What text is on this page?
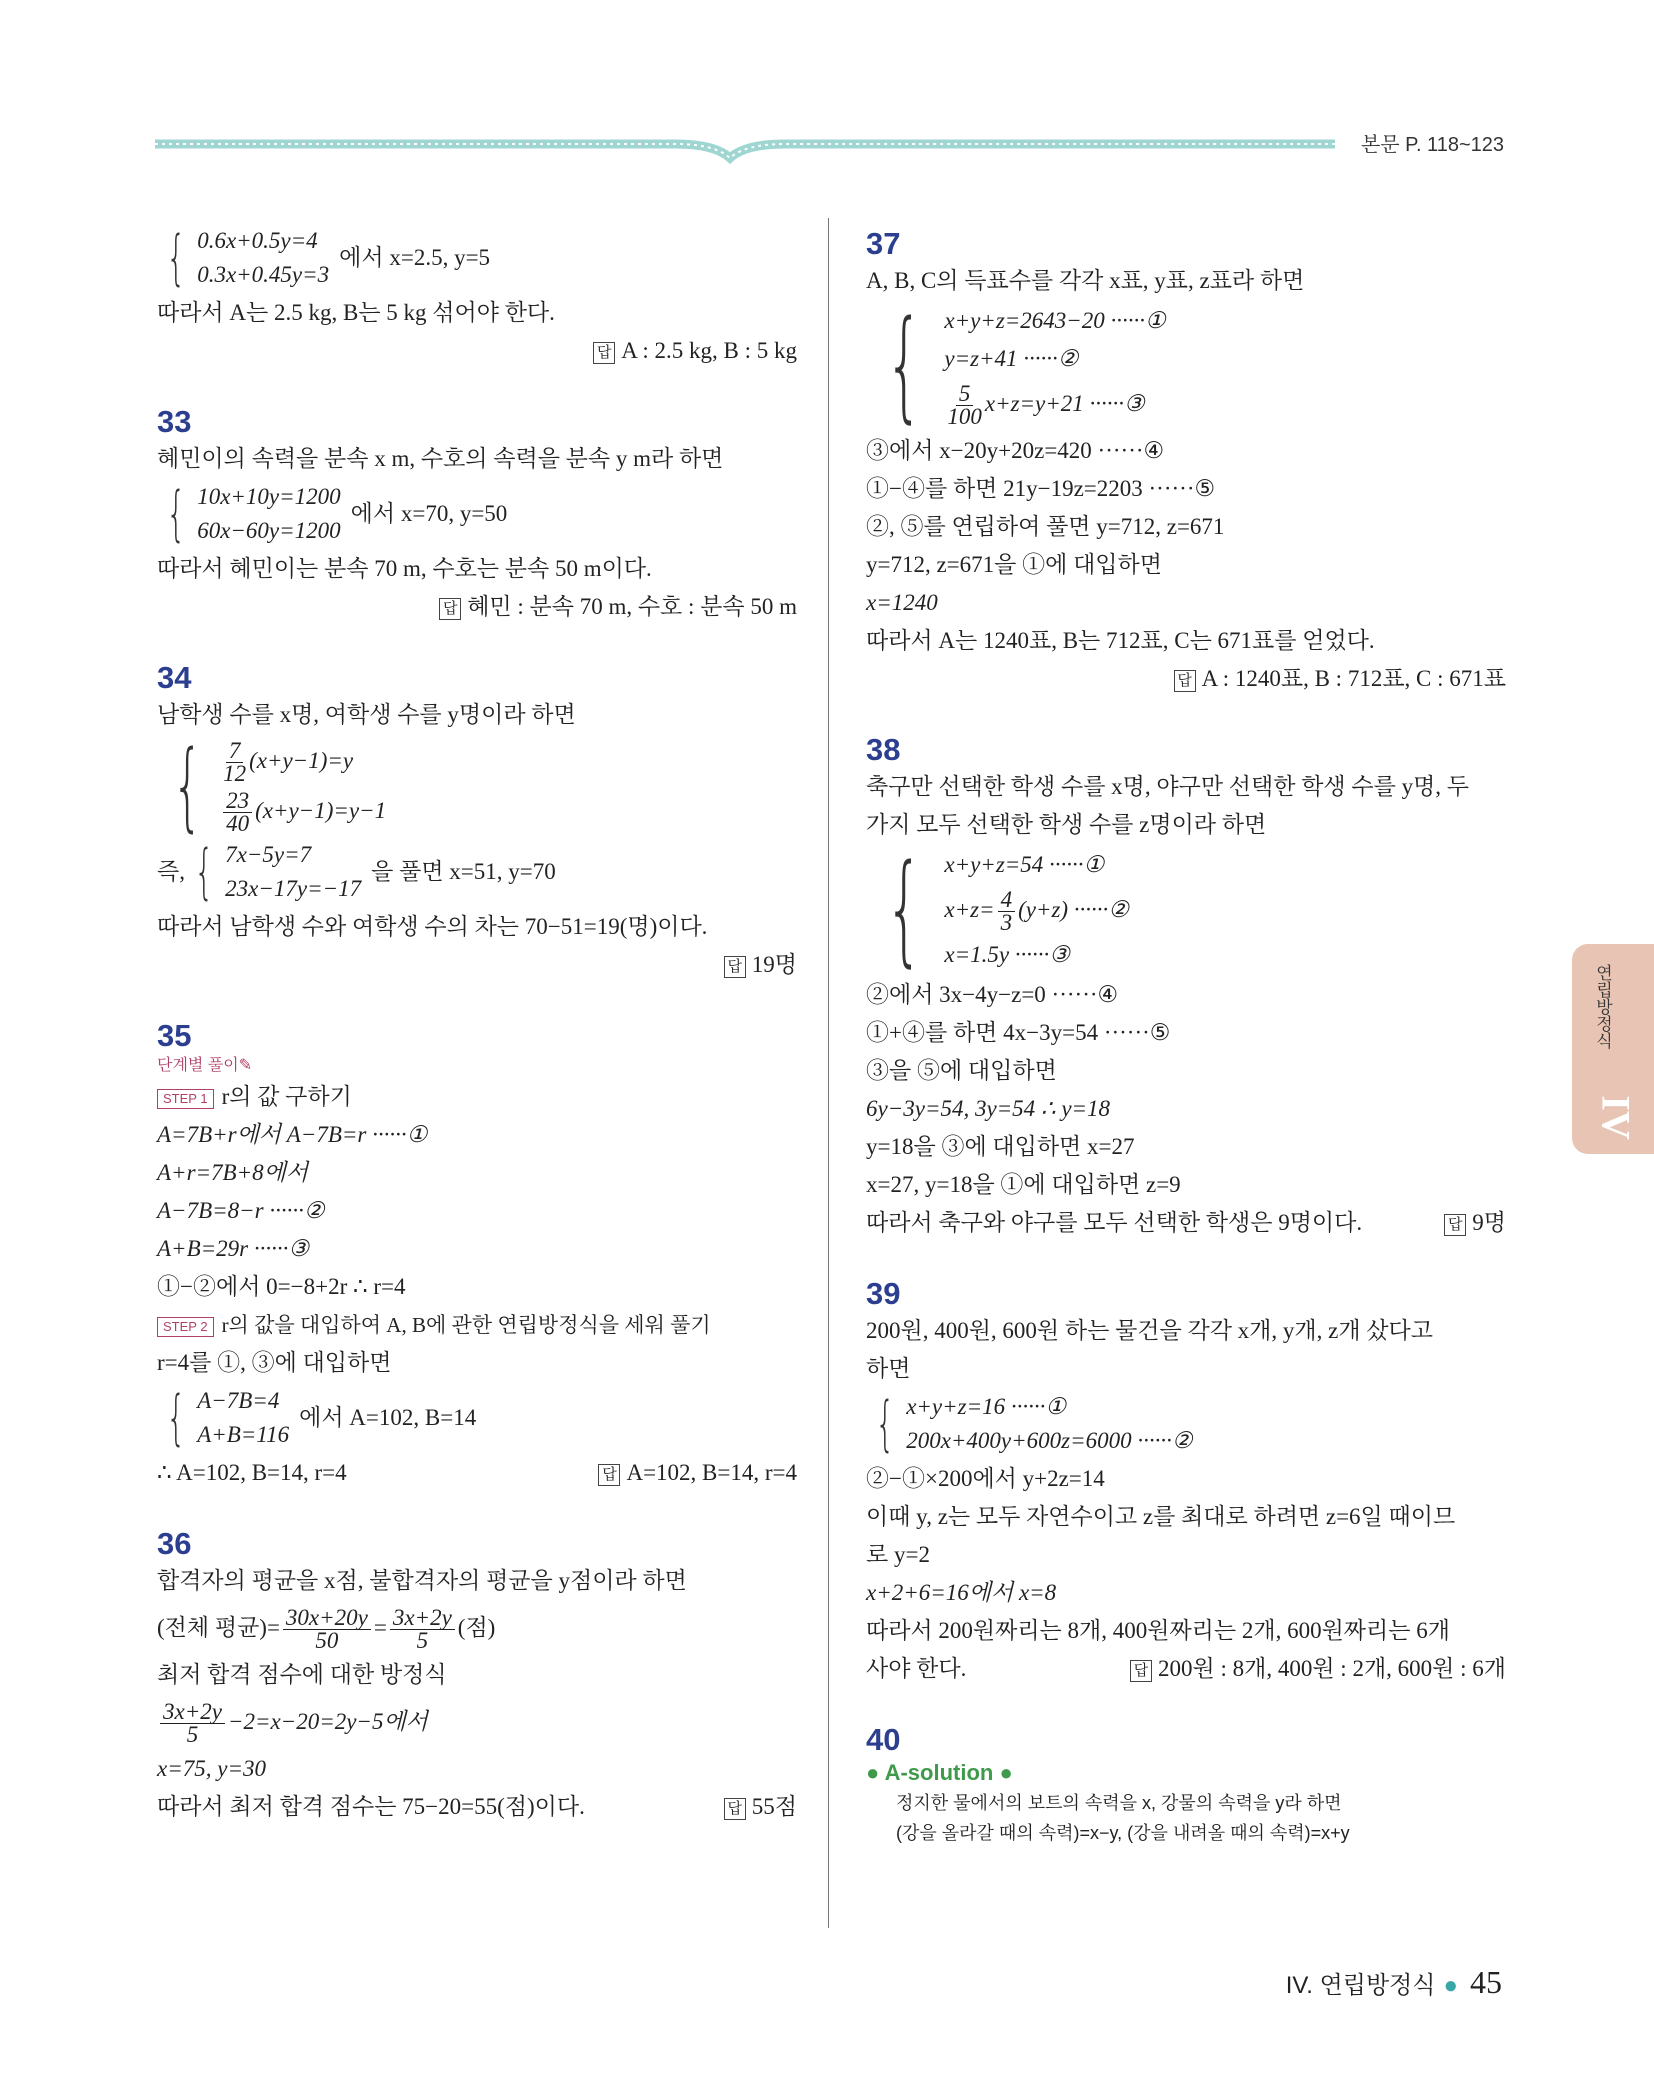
본문 P. 118~123
연립방정식
IV
{ 0.6x+0.5y=4
0.3x+0.45y=3
에서 x=2.5, y=5
따라서 A는 2.5 kg, B는 5 kg 섞어야 한다.
답 A : 2.5 kg, B : 5 kg
33
혜민이의 속력을 분속 x m, 수호의 속력을 분속 y m라 하면
{ 10x+10y=1200
60x−60y=1200
에서 x=70, y=50
따라서 혜민이는 분속 70 m, 수호는 분속 50 m이다.
답 혜민 : 분속 70 m, 수호 : 분속 50 m
34
남학생 수를 x명, 여학생 수를 y명이라 하면
{ $\frac{7}{12} (x+y-1)=y$
$\frac{23}{40} (x+y-1)=y-1$
즉, { 7x−5y=7
23x−17y=−17
을 풀면 x=51, y=70
따라서 남학생 수와 여학생 수의 차는 70−51=19(명)이다.
답 19명
35
단계별 풀이✎
STEP 1 r의 값 구하기
A=7B+r에서 A−7B=r ······①
A+r=7B+8에서
A−7B=8−r ······②
A+B=29r ······③
①−②에서 0=−8+2r ∴ r=4
STEP 2 r의 값을 대입하여 A, B에 관한 연립방정식을 세워 풀기
r=4를 ①, ③에 대입하면
{ A−7B=4
A+B=116
에서 A=102, B=14
∴ A=102, B=14, r=4	답 A=102, B=14, r=4
36
합격자의 평균을 x점, 불합격자의 평균을 y점이라 하면
(전체 평균)= $\frac{30x+20y}{50} = \frac{3x+2y}{5}$ (점)
최저 합격 점수에 대한 방정식
$\frac{3x+2y}{5} -2=x-20=2y-5$에서
x=75, y=30
따라서 최저 합격 점수는 75−20=55(점)이다.	답 55점
37
A, B, C의 득표수를 각각 x표, y표, z표라 하면
{ x+y+z=2643−20 ······①
y=z+41 ······②
$\frac{5}{100} x+z=y+21$ ······③
③에서 x−20y+20z=420 ······④
①−④를 하면 21y−19z=2203 ······⑤
②, ⑤를 연립하여 풀면 y=712, z=671
y=712, z=671을 ①에 대입하면
x=1240
따라서 A는 1240표, B는 712표, C는 671표를 얻었다.
답 A : 1240표, B : 712표, C : 671표
38
축구만 선택한 학생 수를 x명, 야구만 선택한 학생 수를 y명, 두
가지 모두 선택한 학생 수를 z명이라 하면
{ x+y+z=54 ······①
$x+z= \frac{4}{3} (y+z)$ ······②
x=1.5y ······③
②에서 3x−4y−z=0 ······④
①+④를 하면 4x−3y=54 ······⑤
③을 ⑤에 대입하면
6y−3y=54, 3y=54 ∴ y=18
y=18을 ③에 대입하면 x=27
x=27, y=18을 ①에 대입하면 z=9
따라서 축구와 야구를 모두 선택한 학생은 9명이다.	답 9명
39
200원, 400원, 600원 하는 물건을 각각 x개, y개, z개 샀다고
하면
{ x+y+z=16 ······①
200x+400y+600z=6000 ······②
②−①×200에서 y+2z=14
이때 y, z는 모두 자연수이고 z를 최대로 하려면 z=6일 때이므
로 y=2
x+2+6=16에서 x=8
따라서 200원짜리는 8개, 400원짜리는 2개, 600원짜리는 6개
사야 한다.	답 200원 : 8개, 400원 : 2개, 600원 : 6개
40
● A-solution ●
정지한 물에서의 보트의 속력을 x, 강물의 속력을 y라 하면
(강을 올라갈 때의 속력)=x−y, (강을 내려올 때의 속력)=x+y
IV. 연립방정식 ● 45
